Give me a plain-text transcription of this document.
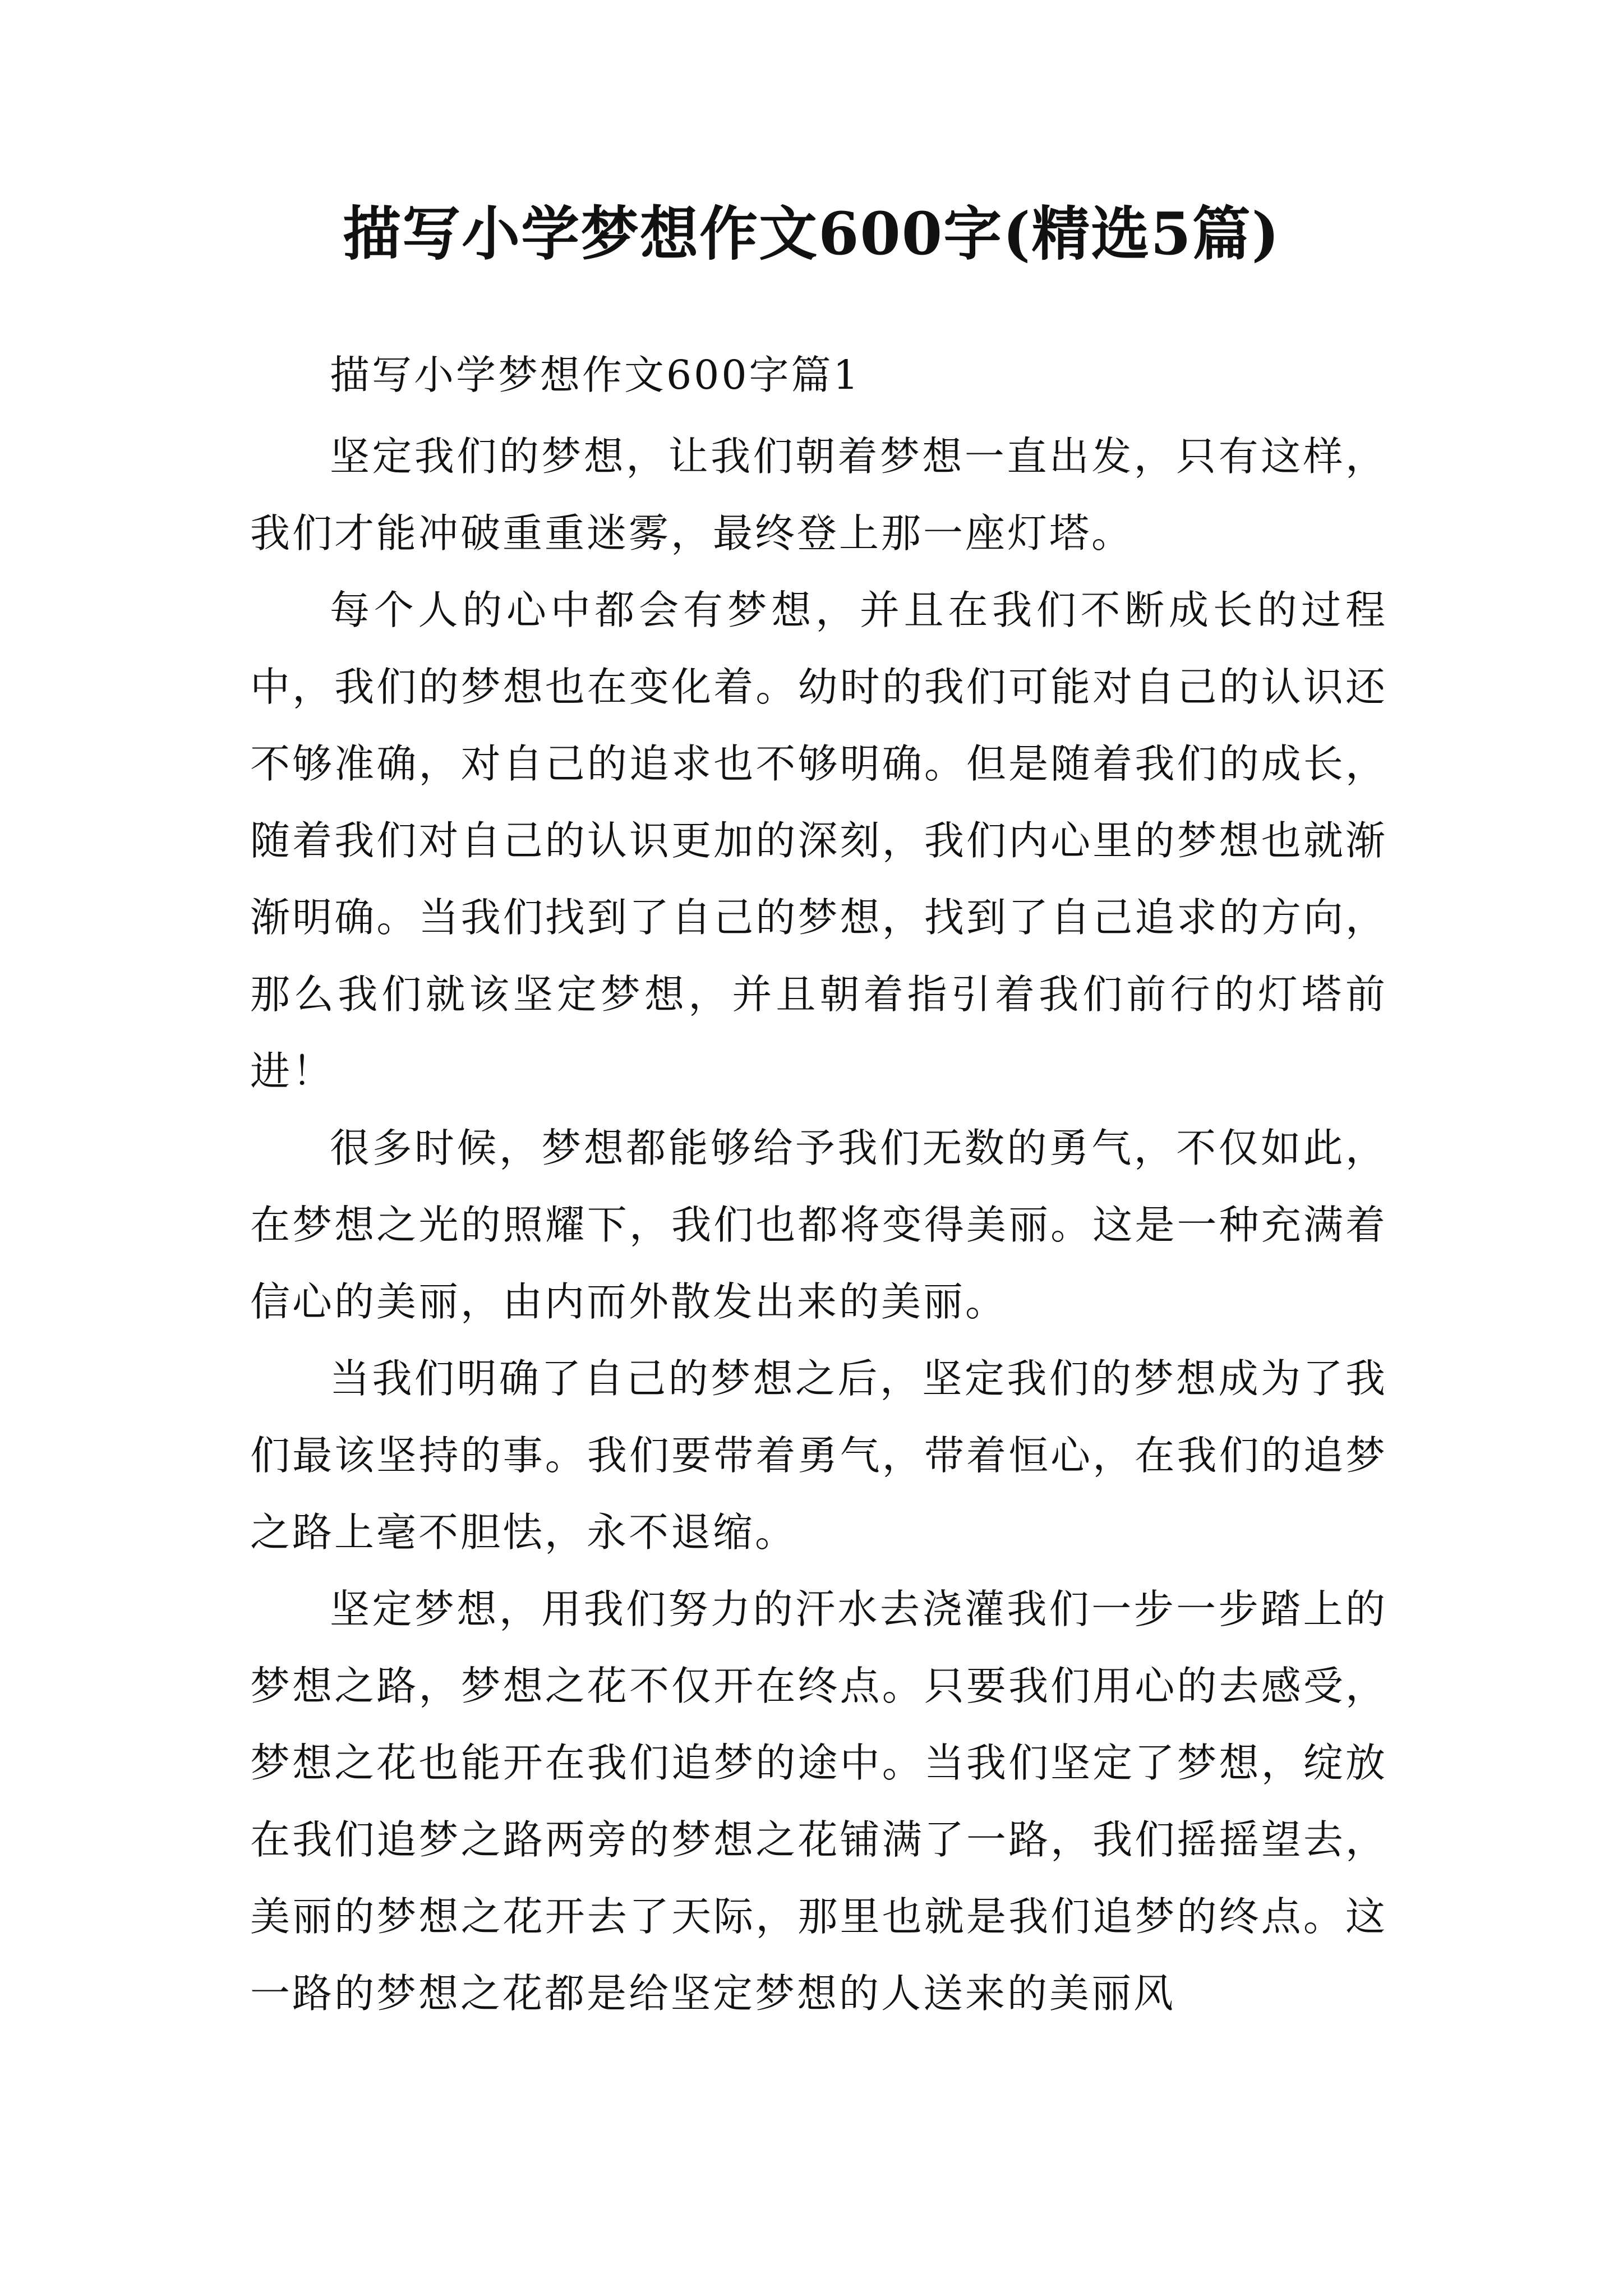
描写小学梦想作文600字(精选5篇)

描写小学梦想作文600字篇1

坚定我们的梦想，让我们朝着梦想一直出发，只有这样，我们才能冲破重重迷雾，最终登上那一座灯塔。

每个人的心中都会有梦想，并且在我们不断成长的过程中，我们的梦想也在变化着。幼时的我们可能对自己的认识还不够准确，对自己的追求也不够明确。但是随着我们的成长，随着我们对自己的认识更加的深刻，我们内心里的梦想也就渐渐明确。当我们找到了自己的梦想，找到了自己追求的方向，那么我们就该坚定梦想，并且朝着指引着我们前行的灯塔前进！

很多时候，梦想都能够给予我们无数的勇气，不仅如此，在梦想之光的照耀下，我们也都将变得美丽。这是一种充满着信心的美丽，由内而外散发出来的美丽。

当我们明确了自己的梦想之后，坚定我们的梦想成为了我们最该坚持的事。我们要带着勇气，带着恒心，在我们的追梦之路上毫不胆怯，永不退缩。

坚定梦想，用我们努力的汗水去浇灌我们一步一步踏上的梦想之路，梦想之花不仅开在终点。只要我们用心的去感受，梦想之花也能开在我们追梦的途中。当我们坚定了梦想，绽放在我们追梦之路两旁的梦想之花铺满了一路，我们摇摇望去，美丽的梦想之花开去了天际，那里也就是我们追梦的终点。这一路的梦想之花都是给坚定梦想的人送来的美丽风
